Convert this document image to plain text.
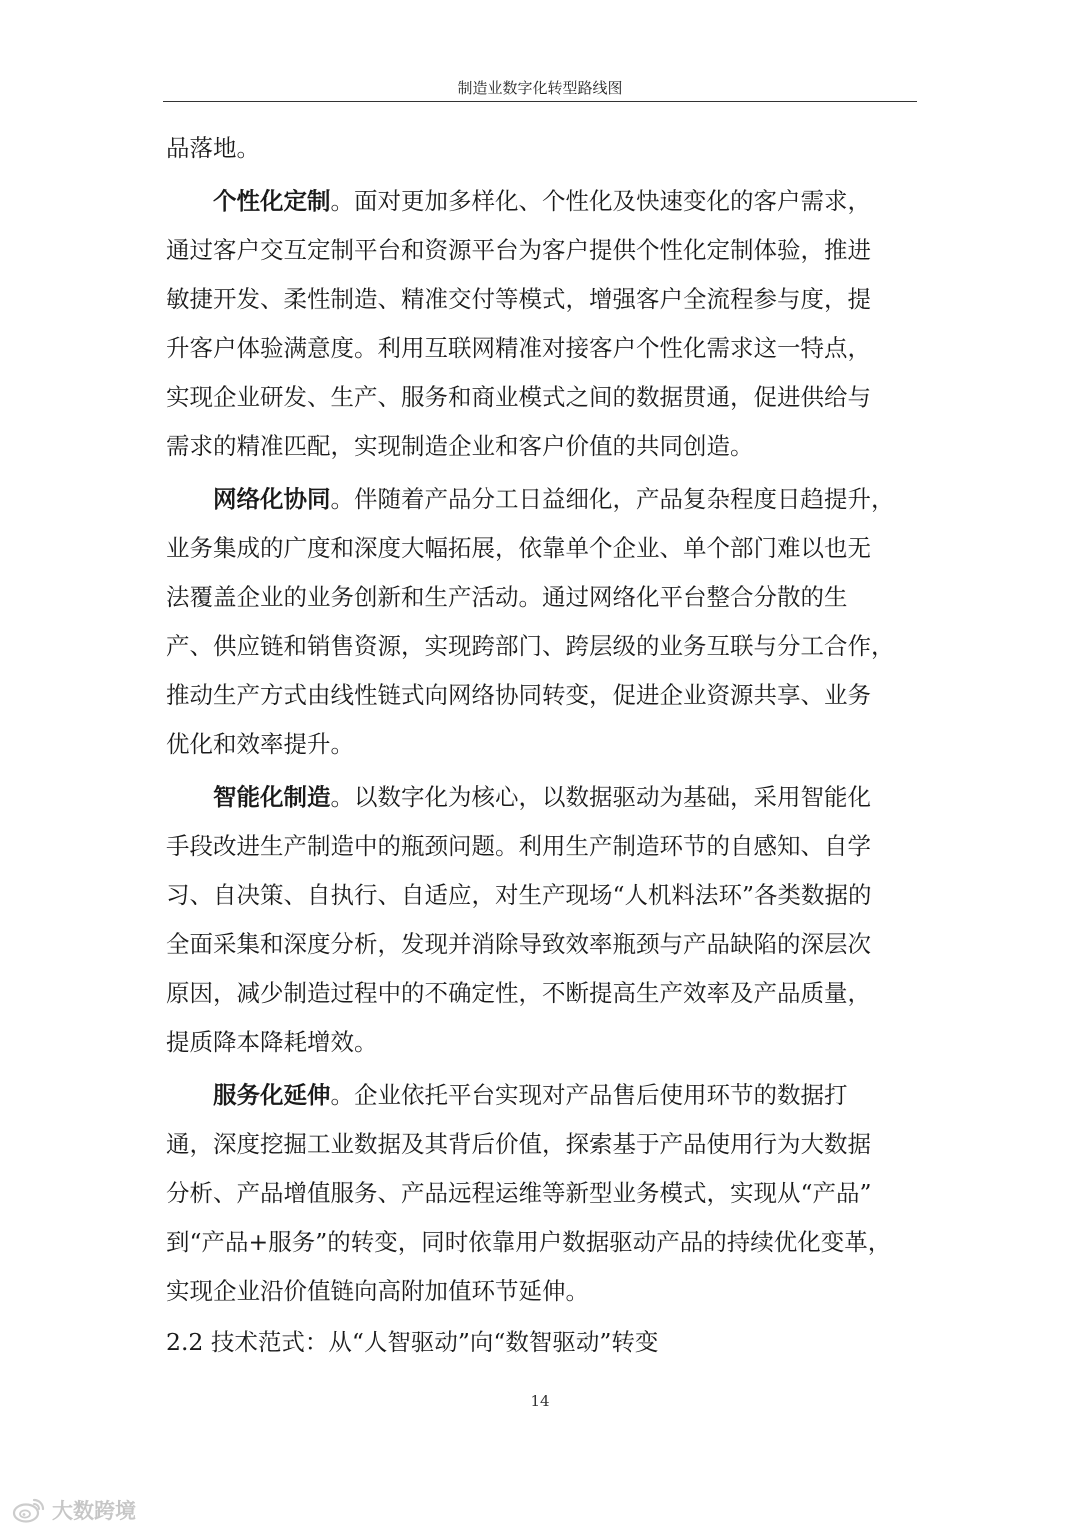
制造业数字化转型路线图
品落地。
个性化定制。面对更加多样化、个性化及快速变化的客户需求，
通过客户交互定制平台和资源平台为客户提供个性化定制体验，推进
敏捷开发、柔性制造、精准交付等模式，增强客户全流程参与度，提
升客户体验满意度。利用互联网精准对接客户个性化需求这一特点，
实现企业研发、生产、服务和商业模式之间的数据贯通，促进供给与
需求的精准匹配，实现制造企业和客户价值的共同创造。
网络化协同。伴随着产品分工日益细化，产品复杂程度日趋提升，
业务集成的广度和深度大幅拓展，依靠单个企业、单个部门难以也无
法覆盖企业的业务创新和生产活动。通过网络化平台整合分散的生
产、供应链和销售资源，实现跨部门、跨层级的业务互联与分工合作，
推动生产方式由线性链式向网络协同转变，促进企业资源共享、业务
优化和效率提升。
智能化制造。以数字化为核心，以数据驱动为基础，采用智能化
手段改进生产制造中的瓶颈问题。利用生产制造环节的自感知、自学
习、自决策、自执行、自适应，对生产现场“人机料法环”各类数据的
全面采集和深度分析，发现并消除导致效率瓶颈与产品缺陷的深层次
原因，减少制造过程中的不确定性，不断提高生产效率及产品质量，
提质降本降耗增效。
服务化延伸。企业依托平台实现对产品售后使用环节的数据打
通，深度挖掘工业数据及其背后价值，探索基于产品使用行为大数据
分析、产品增值服务、产品远程运维等新型业务模式，实现从“产品”
到“产品+服务”的转变，同时依靠用户数据驱动产品的持续优化变革，
实现企业沿价值链向高附加值环节延伸。
2.2 技术范式：从“人智驱动”向“数智驱动”转变
14
大数跨境
